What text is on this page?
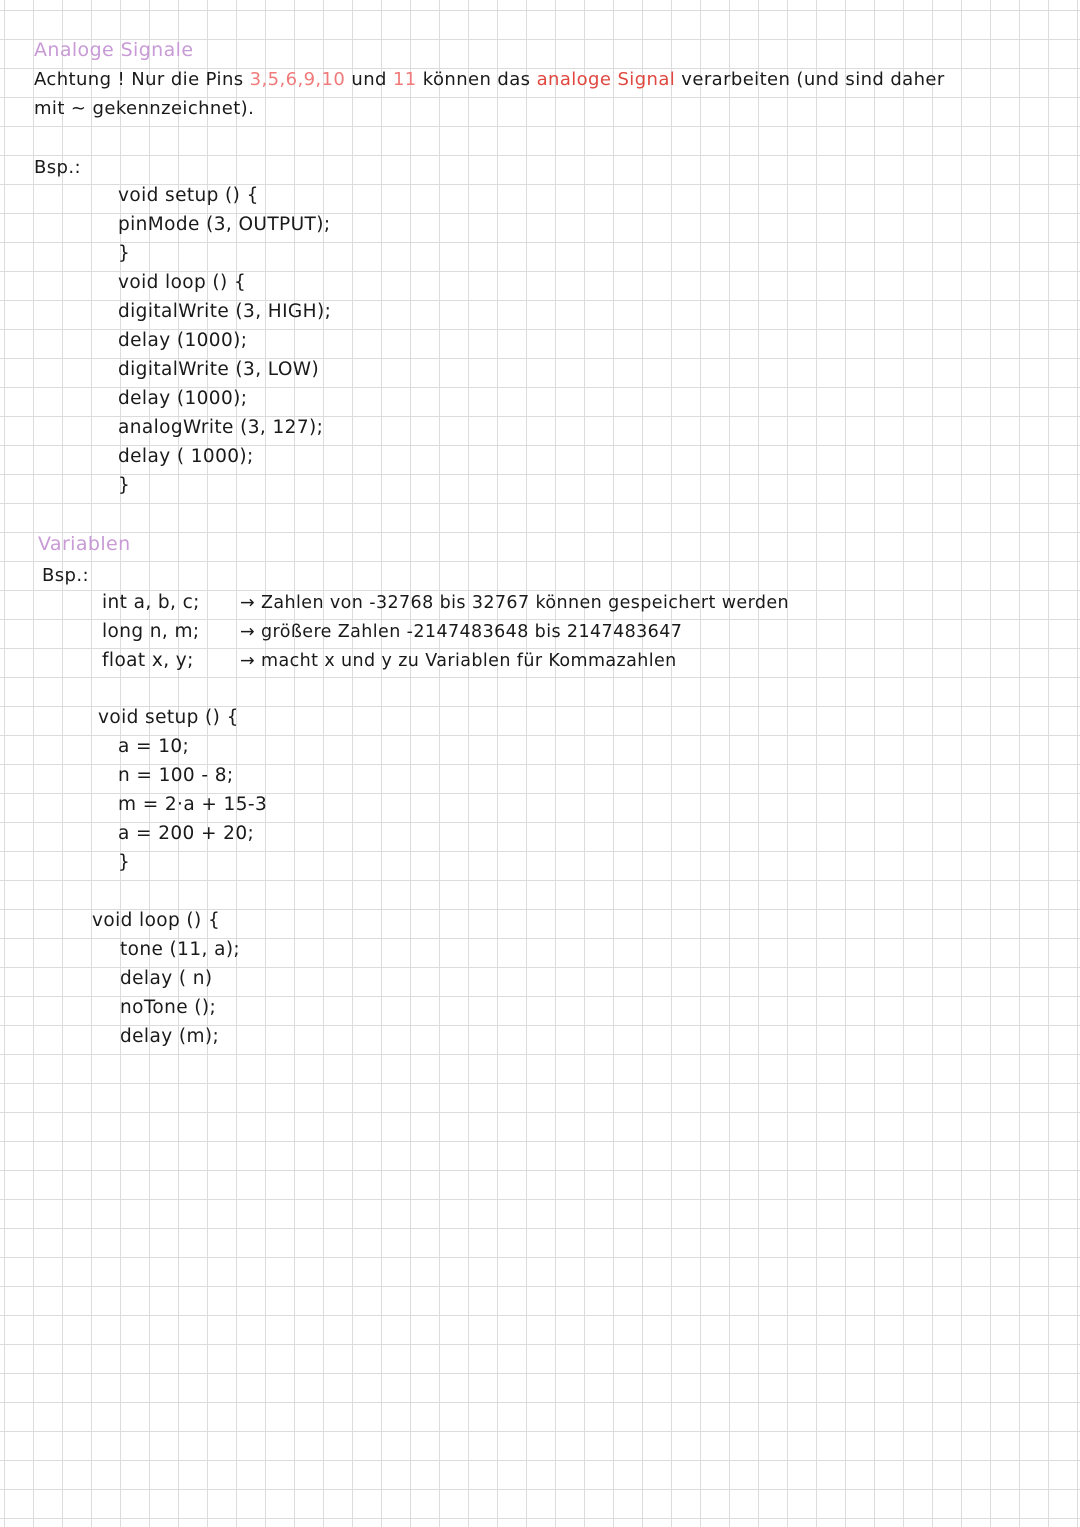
Analoge Signale
Achtung ! Nur die Pins 3,5,6,9,10 und 11 können das analoge Signal verarbeiten (und sind daher
mit ~ gekennzeichnet).
Bsp.:
void setup () {
pinMode (3, OUTPUT);
}
void loop () {
digitalWrite (3, HIGH);
delay (1000);
digitalWrite (3, LOW)
delay (1000);
analogWrite (3, 127);
delay ( 1000);
}
Variablen
Bsp.:
int a, b, c; → Zahlen von -32768 bis 32767 können gespeichert werden
long n, m; → größere Zahlen -2147483648 bis 2147483647
float x, y;	→ macht x und y zu Variablen für Kommazahlen
void setup () {
a = 10;
n = 100 - 8;
m = 2·a + 15-3
a = 200 + 20;
}
void loop () {
tone (11, a);
delay ( n)
noTone ();
delay (m);
